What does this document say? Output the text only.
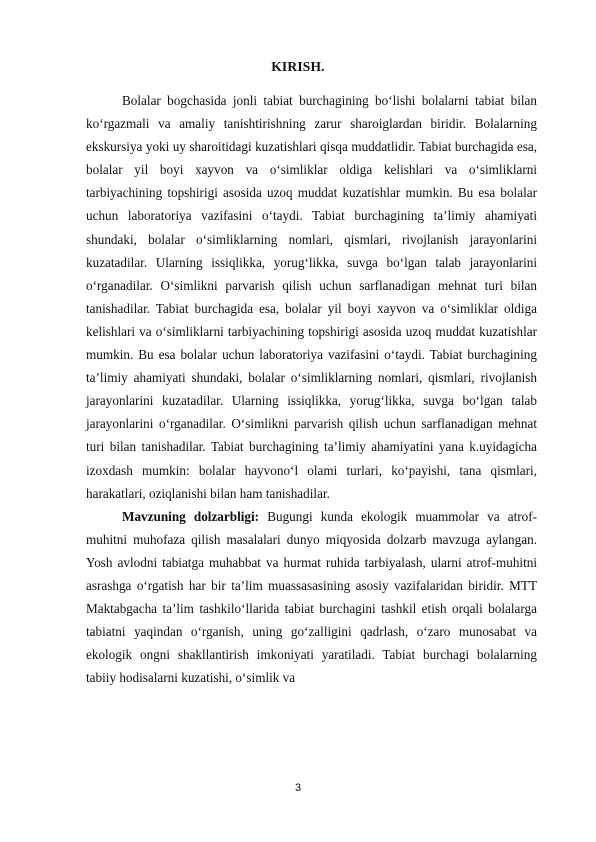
KIRISH.

Bolalar bogchasida jonli tabiat burchagining boʻlishi bolalarni tabiat bilan koʻrgazmali va amaliy tanishtirishning zarur sharoiglardan biridir. Bolalarning ekskursiya yoki uy sharoitidagi kuzatishlari qisqa muddatlidir. Tabiat burchagida esa, bolalar yil boyi xayvon va oʻsimliklar oldiga kelishlari va oʻsimliklarni tarbiyachining topshirigi asosida uzoq muddat kuzatishlar mumkin. Bu esa bolalar uchun laboratoriya vazifasini oʻtaydi. Tabiat burchagining taʼlimiy ahamiyati shundaki, bolalar oʻsimliklarning nomlari, qismlari, rivojlanish jarayonlarini kuzatadilar. Ularning issiqlikka, yorugʻlikka, suvga boʻlgan talab jarayonlarini oʻrganadilar. Oʻsimlikni parvarish qilish uchun sarflanadigan mehnat turi bilan tanishadilar. Tabiat burchagida esa, bolalar yil boyi xayvon va oʻsimliklar oldiga kelishlari va oʻsimliklarni tarbiyachining topshirigi asosida uzoq muddat kuzatishlar mumkin. Bu esa bolalar uchun laboratoriya vazifasini oʻtaydi. Tabiat burchagining taʼlimiy ahamiyati shundaki, bolalar oʻsimliklarning nomlari, qismlari, rivojlanish jarayonlarini kuzatadilar. Ularning issiqlikka, yorugʻlikka, suvga boʻlgan talab jarayonlarini oʻrganadilar. Oʻsimlikni parvarish qilish uchun sarflanadigan mehnat turi bilan tanishadilar. Tabiat burchagining taʼlimiy ahamiyatini yana k.uyidagicha izoxdash mumkin: bolalar hayvonoʻl olami turlari, koʻpayishi, tana qismlari, harakatlari, oziqlanishi bilan ham tanishadilar.

Mavzuning dolzarbligi: Bugungi kunda ekologik muammolar va atrof-muhitni muhofaza qilish masalalari dunyo miqyosida dolzarb mavzuga aylangan. Yosh avlodni tabiatga muhabbat va hurmat ruhida tarbiyalash, ularni atrof-muhitni asrashga oʻrgatish har bir taʼlim muassasasining asosiy vazifalaridan biridir. MTT Maktabgacha taʼlim tashkiloʻllarida tabiat burchagini tashkil etish orqali bolalarga tabiatni yaqindan oʻrganish, uning goʻzalligini qadrlash, oʻzaro munosabat va ekologik ongni shakllantirish imkoniyati yaratiladi. Tabiat burchagi bolalarning tabiiy hodisalarni kuzatishi, oʻsimlik va

3
